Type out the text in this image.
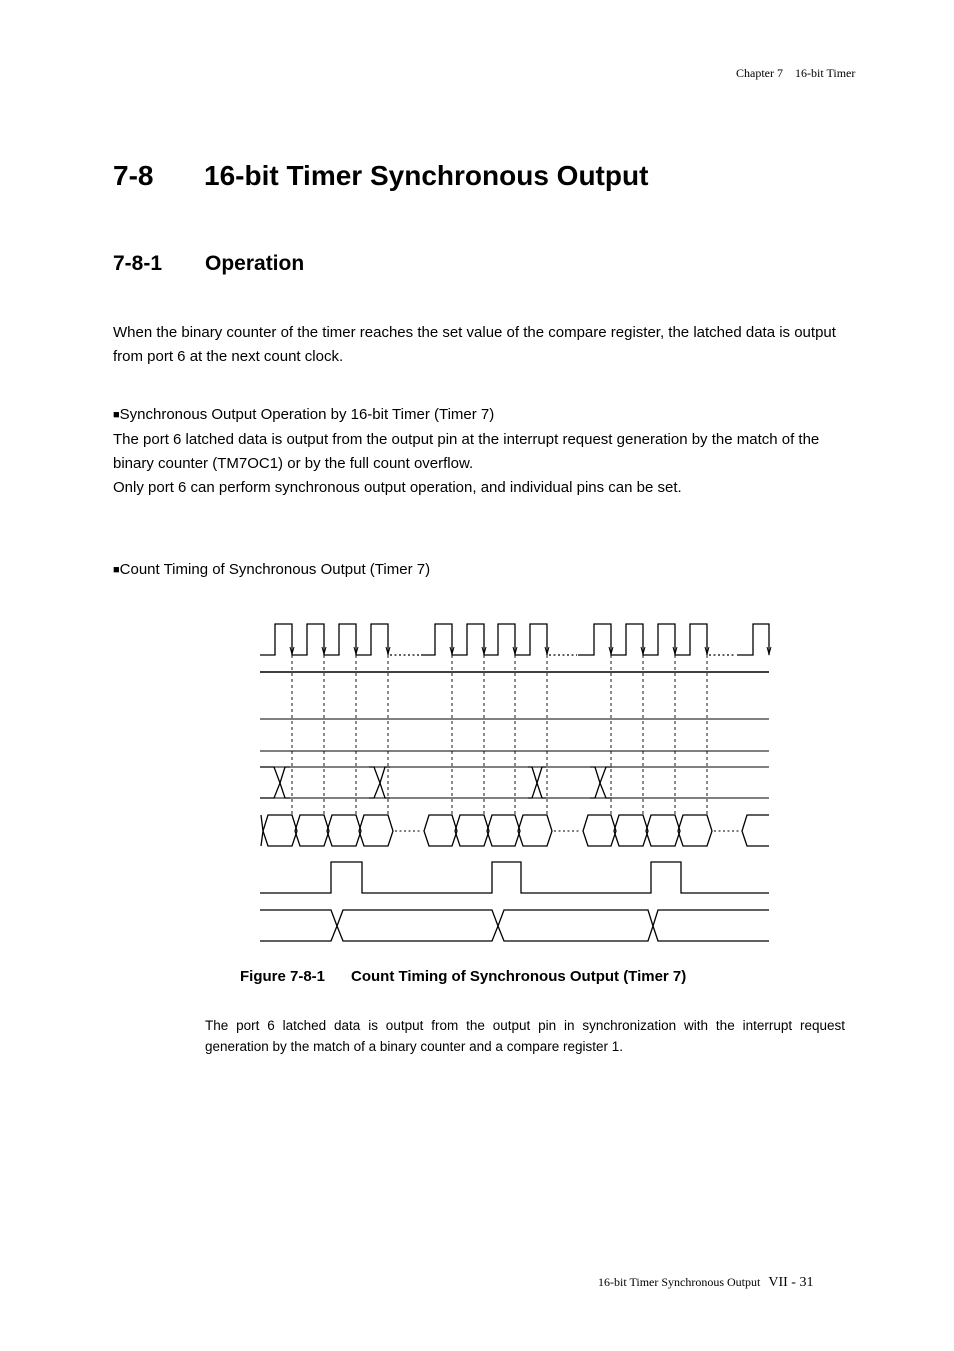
Chapter 7 16-bit Timer
7-8 16-bit Timer Synchronous Output
7-8-1 Operation

When the binary counter of the timer reaches the set value of the compare register, the latched data is output from port 6 at the next count clock.

■ Synchronous Output Operation by 16-bit Timer (Timer 7)
The port 6 latched data is output from the output pin at the interrupt request generation by the match of the binary counter (TM7OC1) or by the full count overflow.
Only port 6 can perform synchronous output operation, and individual pins can be set.
■ Count Timing of Synchronous Output (Timer 7)
Figure 7-8-1 Count Timing of Synchronous Output (Timer 7)

The port 6 latched data is output from the output pin in synchronization with the interrupt request generation by the match of a binary counter and a compare register 1.

16-bit Timer Synchronous Output VII - 31
